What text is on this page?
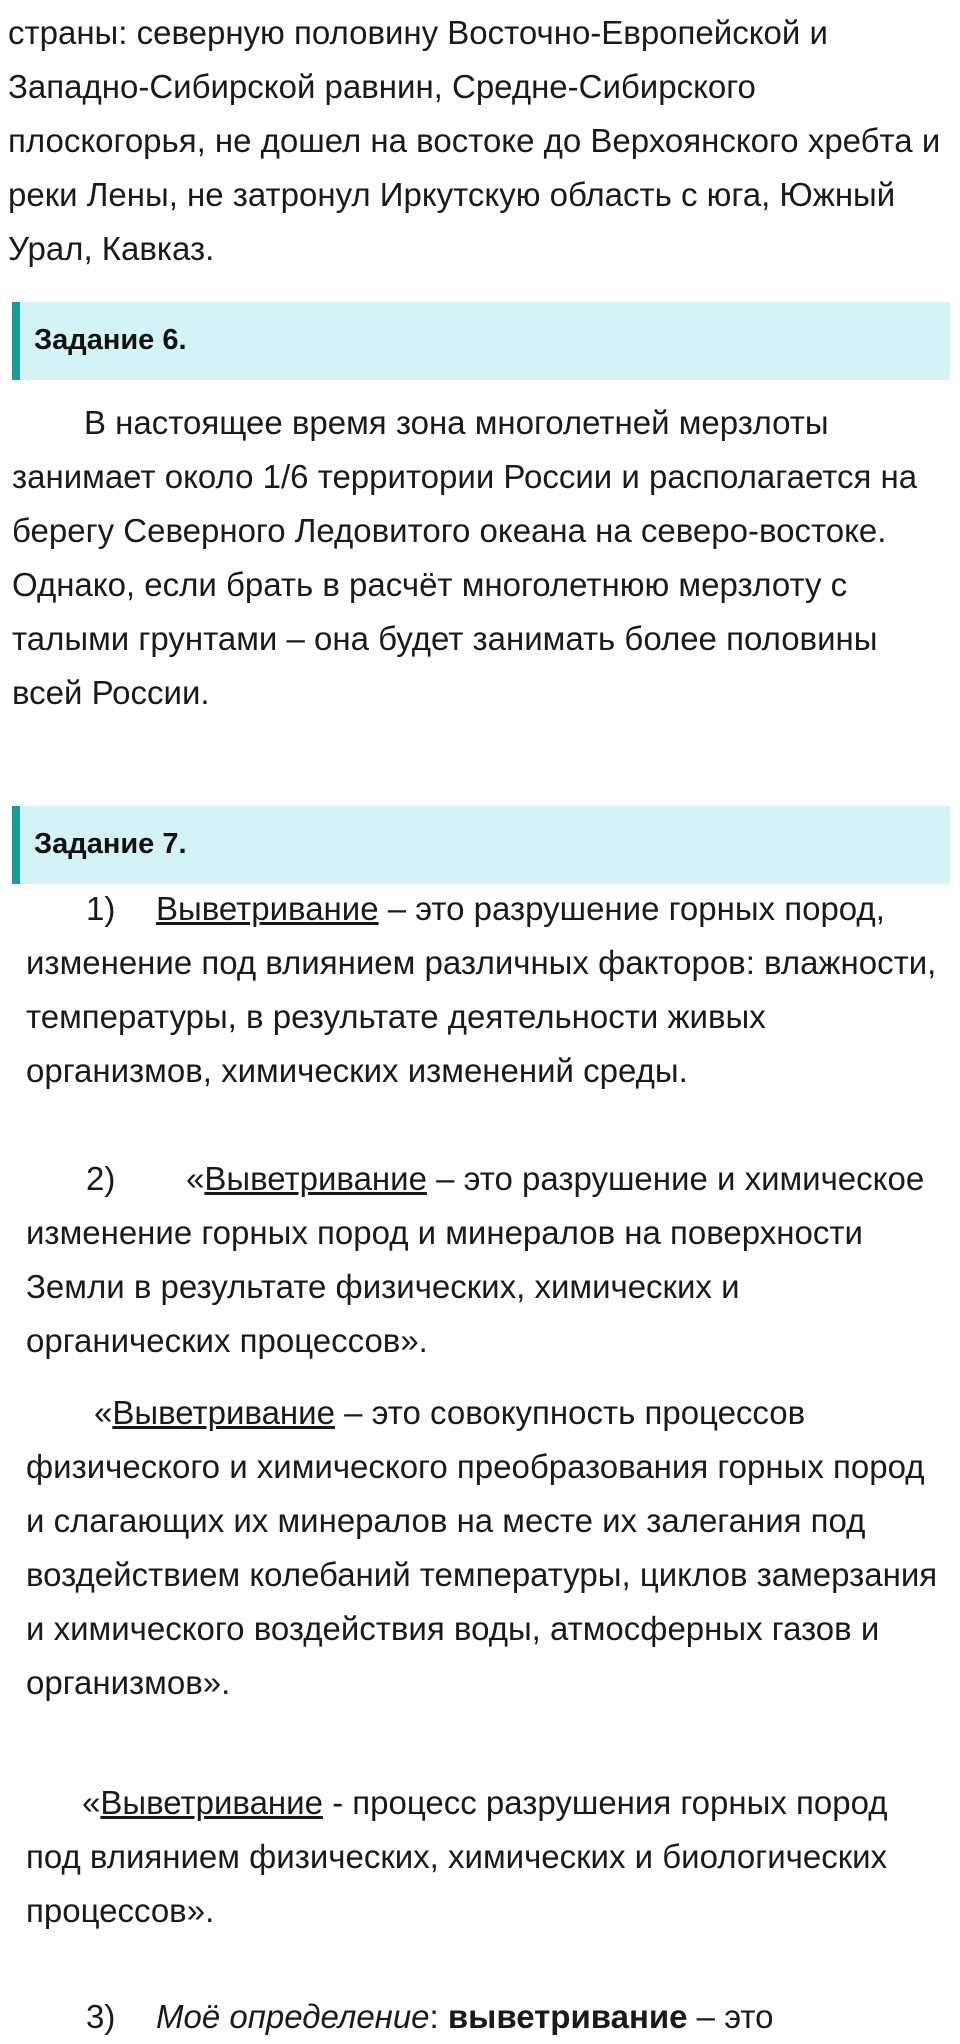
страны: северную половину Восточно-Европейской и Западно-Сибирской равнин, Средне-Сибирского плоскогорья, не дошел на востоке до Верхоянского хребта и реки Лены, не затронул Иркутскую область с юга, Южный Урал, Кавказ.

Задание 6.

В настоящее время зона многолетней мерзлоты занимает около 1/6 территории России и располагается на берегу Северного Ледовитого океана на северо-востоке. Однако, если брать в расчёт многолетнюю мерзлоту с талыми грунтами – она будет занимать более половины всей России.

Задание 7.

1) Выветривание – это разрушение горных пород, изменение под влиянием различных факторов: влажности, температуры, в результате деятельности живых организмов, химических изменений среды.

2) «Выветривание – это разрушение и химическое изменение горных пород и минералов на поверхности Земли в результате физических, химических и органических процессов».

«Выветривание – это совокупность процессов физического и химического преобразования горных пород и слагающих их минералов на месте их залегания под воздействием колебаний температуры, циклов замерзания и химического воздействия воды, атмосферных газов и организмов».

«Выветривание - процесс разрушения горных пород под влиянием физических, химических и биологических процессов».

3) Моё определение: выветривание – это
